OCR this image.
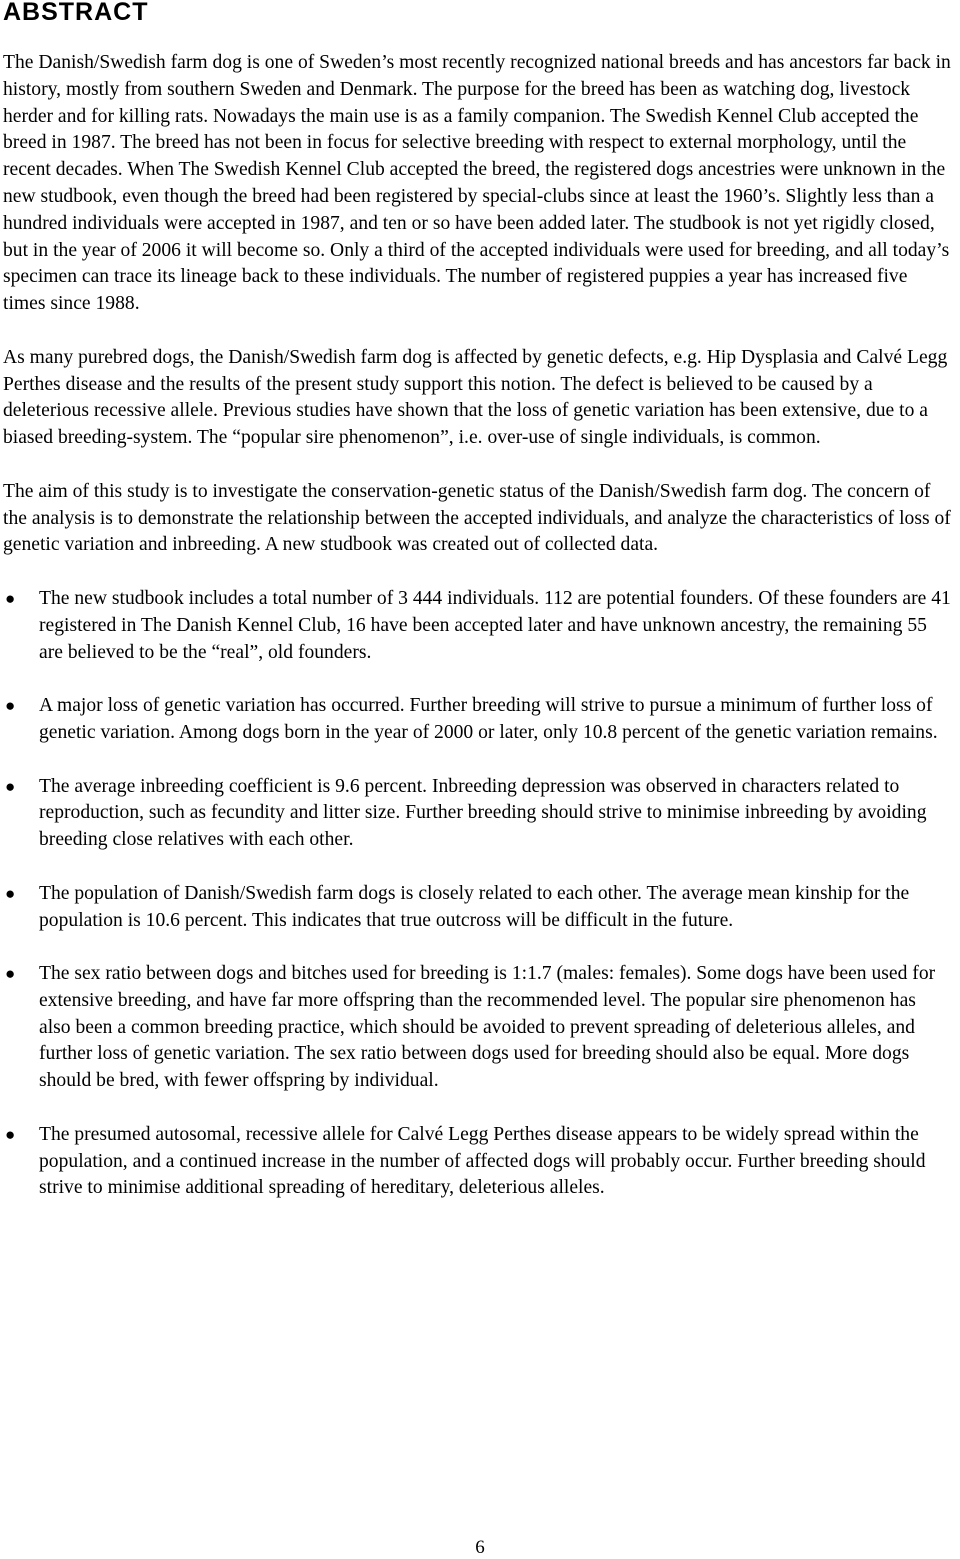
ABSTRACT

The Danish/Swedish farm dog is one of Sweden’s most recently recognized national breeds and has ancestors far back in history, mostly from southern Sweden and Denmark. The purpose for the breed has been as watching dog, livestock herder and for killing rats. Nowadays the main use is as a family companion. The Swedish Kennel Club accepted the breed in 1987. The breed has not been in focus for selective breeding with respect to external morphology, until the recent decades. When The Swedish Kennel Club accepted the breed, the registered dogs ancestries were unknown in the new studbook, even though the breed had been registered by special-clubs since at least the 1960’s. Slightly less than a hundred individuals were accepted in 1987, and ten or so have been added later. The studbook is not yet rigidly closed, but in the year of 2006 it will become so. Only a third of the accepted individuals were used for breeding, and all today’s specimen can trace its lineage back to these individuals. The number of registered puppies a year has increased five times since 1988.

As many purebred dogs, the Danish/Swedish farm dog is affected by genetic defects, e.g. Hip Dysplasia and Calvé Legg Perthes disease and the results of the present study support this notion. The defect is believed to be caused by a deleterious recessive allele. Previous studies have shown that the loss of genetic variation has been extensive, due to a biased breeding-system. The “popular sire phenomenon”, i.e. over-use of single individuals, is common.

The aim of this study is to investigate the conservation-genetic status of the Danish/Swedish farm dog. The concern of the analysis is to demonstrate the relationship between the accepted individuals, and analyze the characteristics of loss of genetic variation and inbreeding. A new studbook was created out of collected data.

● The new studbook includes a total number of 3 444 individuals. 112 are potential founders. Of these founders are 41 registered in The Danish Kennel Club, 16 have been accepted later and have unknown ancestry, the remaining 55 are believed to be the “real”, old founders.
● A major loss of genetic variation has occurred. Further breeding will strive to pursue a minimum of further loss of genetic variation. Among dogs born in the year of 2000 or later, only 10.8 percent of the genetic variation remains.
● The average inbreeding coefficient is 9.6 percent. Inbreeding depression was observed in characters related to reproduction, such as fecundity and litter size. Further breeding should strive to minimise inbreeding by avoiding breeding close relatives with each other.
● The population of Danish/Swedish farm dogs is closely related to each other. The average mean kinship for the population is 10.6 percent. This indicates that true outcross will be difficult in the future.
● The sex ratio between dogs and bitches used for breeding is 1:1.7 (males: females). Some dogs have been used for extensive breeding, and have far more offspring than the recommended level. The popular sire phenomenon has also been a common breeding practice, which should be avoided to prevent spreading of deleterious alleles, and further loss of genetic variation. The sex ratio between dogs used for breeding should also be equal. More dogs should be bred, with fewer offspring by individual.
● The presumed autosomal, recessive allele for Calvé Legg Perthes disease appears to be widely spread within the population, and a continued increase in the number of affected dogs will probably occur. Further breeding should strive to minimise additional spreading of hereditary, deleterious alleles.
6
